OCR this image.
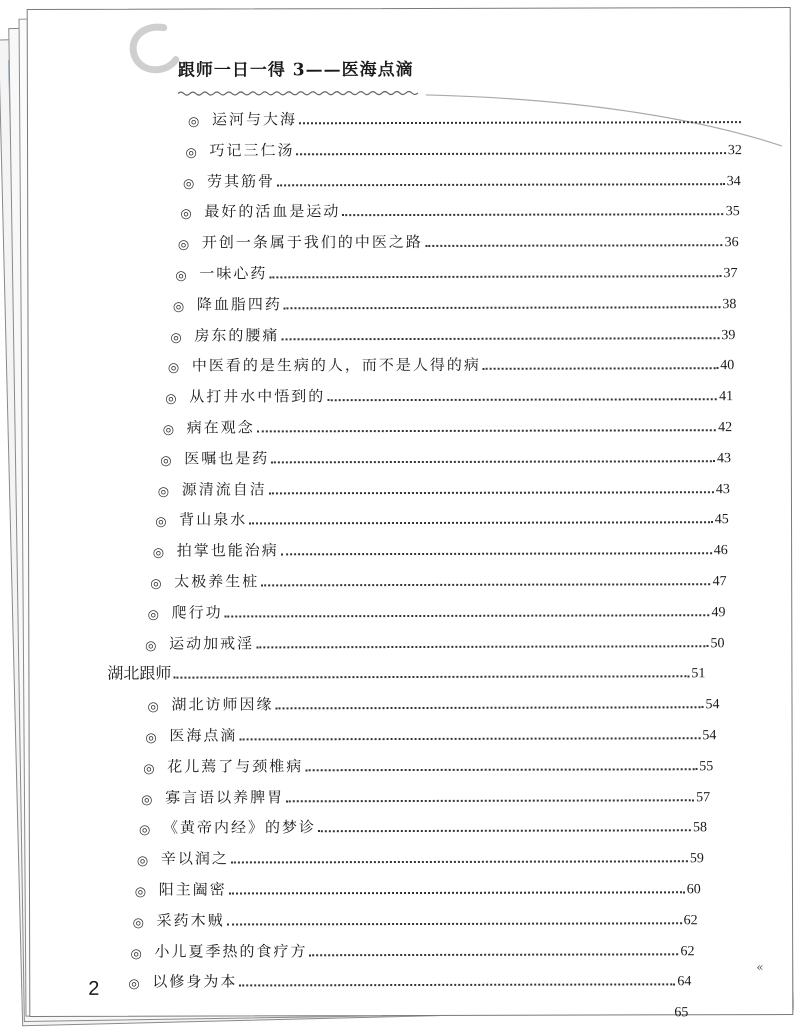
跟师一日一得 3——医海点滴
◎ 运河与大海
◎ 巧记三仁汤	32
◎ 劳其筋骨	34
◎ 最好的活血是运动	35
◎ 开创一条属于我们的中医之路	36
◎ 一味心药	37
◎ 降血脂四药	38
◎ 房东的腰痛	39
◎ 中医看的是生病的人，而不是人得的病	40
◎ 从打井水中悟到的	41
◎ 病在观念	42
◎ 医嘱也是药	43
◎ 源清流自洁	43
◎ 背山泉水	45
◎ 拍掌也能治病	46
◎ 太极养生桩	47
◎ 爬行功	49
◎ 运动加戒淫	50
湖北跟师	51
◎ 湖北访师因缘	54
◎ 医海点滴	54
◎ 花儿蔫了与颈椎病	55
◎ 寡言语以养脾胃	57
◎ 《黄帝内经》的梦诊	58
◎ 辛以润之	59
◎ 阳主阖密	60
◎ 采药木贼	62
◎ 小儿夏季热的食疗方	62
◎ 以修身为本	64
65
2
«
